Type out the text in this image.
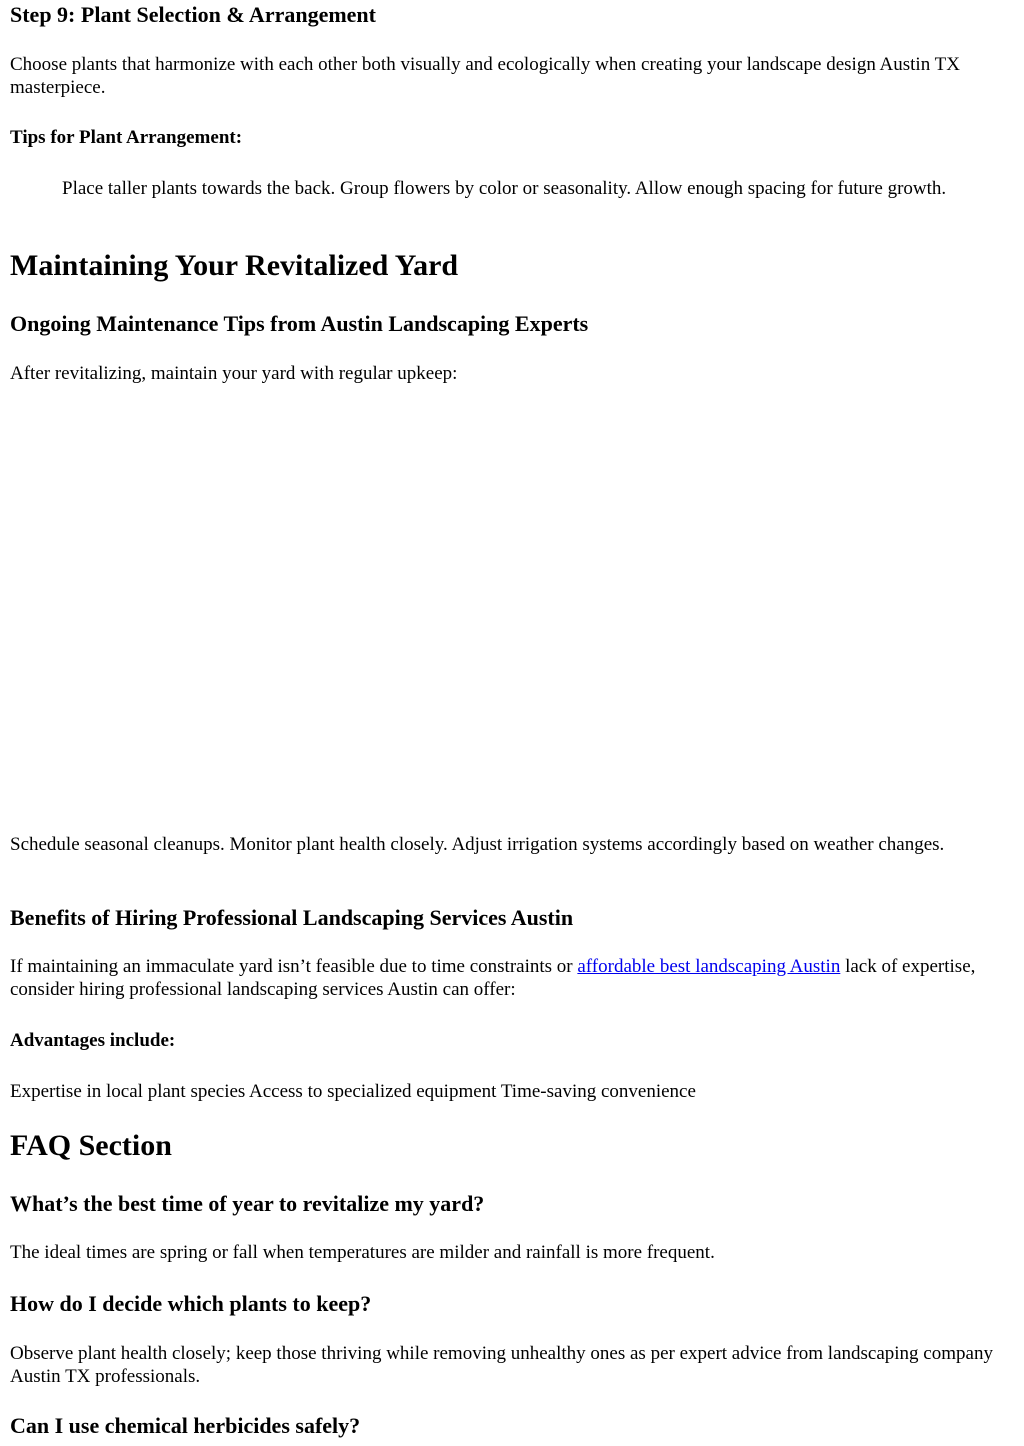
Step 9: Plant Selection & Arrangement

Choose plants that harmonize with each other both visually and ecologically when creating your landscape design Austin TX masterpiece.

Tips for Plant Arrangement:

Place taller plants towards the back. Group flowers by color or seasonality. Allow enough spacing for future growth.
Maintaining Your Revitalized Yard
Ongoing Maintenance Tips from Austin Landscaping Experts

After revitalizing, maintain your yard with regular upkeep:

Schedule seasonal cleanups. Monitor plant health closely. Adjust irrigation systems accordingly based on weather changes.

Benefits of Hiring Professional Landscaping Services Austin

If maintaining an immaculate yard isn’t feasible due to time constraints or affordable best landscaping Austin lack of expertise, consider hiring professional landscaping services Austin can offer:

Advantages include:

Expertise in local plant species Access to specialized equipment Time-saving convenience

FAQ Section
What’s the best time of year to revitalize my yard?

The ideal times are spring or fall when temperatures are milder and rainfall is more frequent.

How do I decide which plants to keep?

Observe plant health closely; keep those thriving while removing unhealthy ones as per expert advice from landscaping company Austin TX professionals.

Can I use chemical herbicides safely?
